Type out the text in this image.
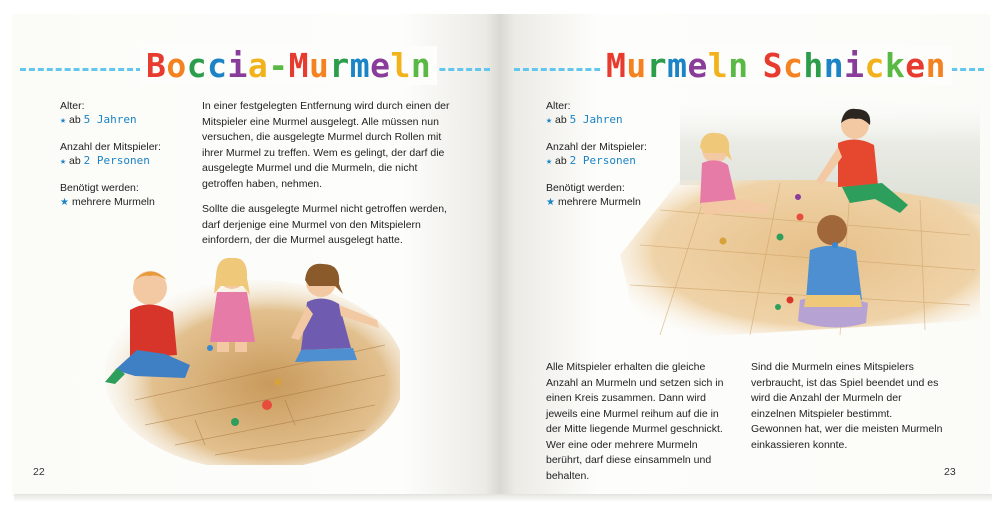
Boccia-Murmeln
Alter:
★ ab 5 Jahren
Anzahl der Mitspieler:
★ ab 2 Personen
Benötigt werden:
★ mehrere Murmeln

In einer festgelegten Entfernung wird durch einen der Mitspieler eine Murmel ausgelegt. Alle müssen nun versuchen, die ausgelegte Murmel durch Rollen mit ihrer Murmel zu treffen. Wem es gelingt, der darf die ausgelegte Murmel und die Murmeln, die nicht getroffen haben, nehmen.

Sollte die ausgelegte Murmel nicht getroffen werden, darf derjenige eine Murmel von den Mitspielern einfordern, der die Murmel ausgelegt hatte.

22
Murmeln Schnicken
Alter:
★ ab 5 Jahren
Anzahl der Mitspieler:
★ ab 2 Personen
Benötigt werden:
★ mehrere Murmeln

Alle Mitspieler erhalten die gleiche Anzahl an Murmeln und setzen sich in einen Kreis zusammen. Dann wird jeweils eine Murmel reihum auf die in der Mitte liegende Murmel geschnickt. Wer eine oder mehrere Murmeln berührt, darf diese einsammeln und behalten.

Sind die Murmeln eines Mitspielers verbraucht, ist das Spiel beendet und es wird die Anzahl der Murmeln der einzelnen Mitspieler bestimmt. Gewonnen hat, wer die meisten Murmeln einkassieren konnte.

23
